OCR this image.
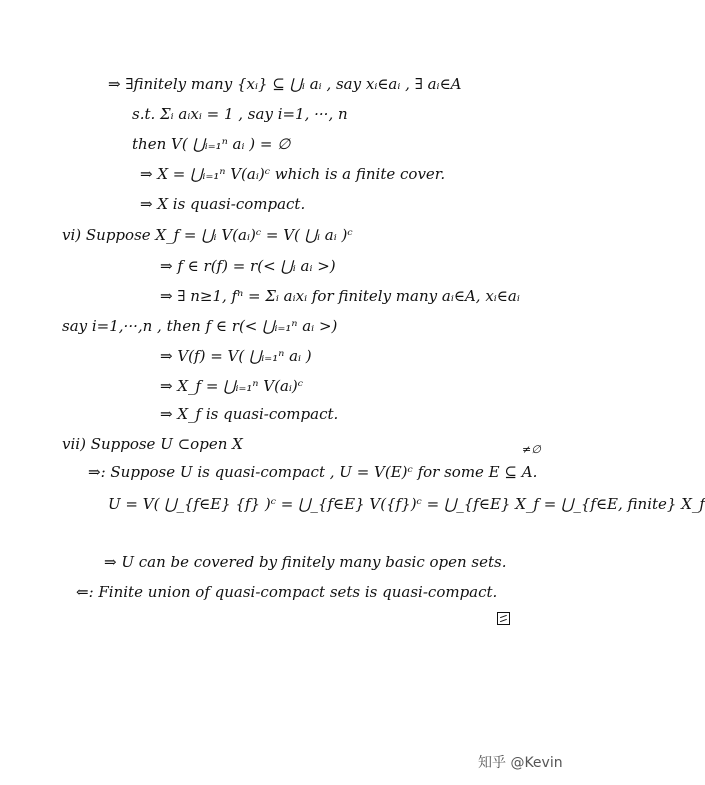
⇒ ∃finitely many {xᵢ} ⊆ ⋃ᵢ aᵢ , say xᵢ∈aᵢ , ∃ aᵢ∈A
s.t. Σᵢ aᵢxᵢ = 1 , say i=1, ···, n
then V( ⋃ᵢ₌₁ⁿ aᵢ ) = ∅
⇒ X = ⋃ᵢ₌₁ⁿ V(aᵢ)ᶜ which is a finite cover.
⇒ X is quasi-compact.
vi) Suppose X_f = ⋃ᵢ V(aᵢ)ᶜ = V( ⋃ᵢ aᵢ )ᶜ
⇒ f ∈ r(f) = r(< ⋃ᵢ aᵢ >)
⇒ ∃ n≥1, fⁿ = Σᵢ aᵢxᵢ for finitely many aᵢ∈A, xᵢ∈aᵢ
say i=1,···,n , then f ∈ r(< ⋃ᵢ₌₁ⁿ aᵢ >)
⇒ V(f) = V( ⋃ᵢ₌₁ⁿ aᵢ )
⇒ X_f = ⋃ᵢ₌₁ⁿ V(aᵢ)ᶜ
⇒ X_f is quasi-compact.
vii) Suppose U ⊂open X	≠∅
⇒: Suppose U is quasi-compact , U = V(E)ᶜ for some E ⊆ A.
U = V( ⋃_{f∈E} {f} )ᶜ = ⋃_{f∈E} V({f})ᶜ = ⋃_{f∈E} X_f = ⋃_{f∈E, finite} X_f
⇒ U can be covered by finitely many basic open sets.
⇐: Finite union of quasi-compact sets is quasi-compact.
知乎 @Kevin
